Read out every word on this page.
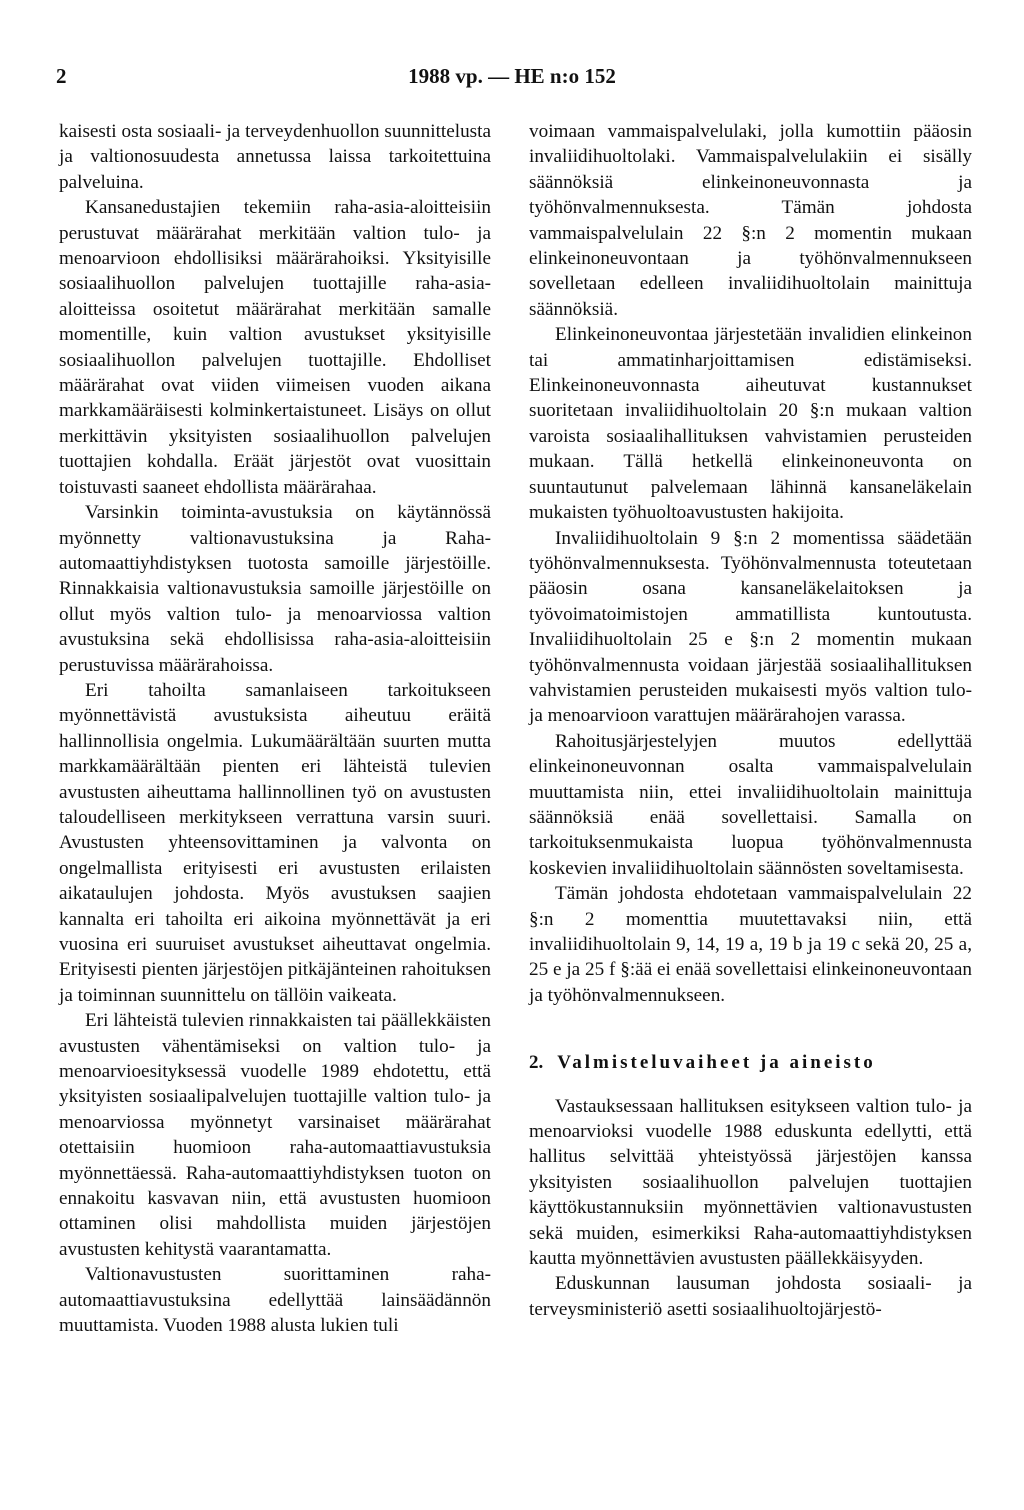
2	1988 vp. — HE n:o 152

kaisesti osta sosiaali- ja terveydenhuollon suunnittelusta ja valtionosuudesta annetussa laissa tarkoitettuina palveluina.

Kansanedustajien tekemiin raha-asia-aloitteisiin perustuvat määrärahat merkitään valtion tulo- ja menoarvioon ehdollisiksi määrärahoiksi. Yksityisille sosiaalihuollon palvelujen tuottajille raha-asia-aloitteissa osoitetut määrärahat merkitään samalle momentille, kuin valtion avustukset yksityisille sosiaalihuollon palvelujen tuottajille. Ehdolliset määrärahat ovat viiden viimeisen vuoden aikana markkamääräisesti kolminkertaistuneet. Lisäys on ollut merkittävin yksityisten sosiaalihuollon palvelujen tuottajien kohdalla. Eräät järjestöt ovat vuosittain toistuvasti saaneet ehdollista määrärahaa.

Varsinkin toiminta-avustuksia on käytännössä myönnetty valtionavustuksina ja Raha-automaattiyhdistyksen tuotosta samoille järjestöille. Rinnakkaisia valtionavustuksia samoille järjestöille on ollut myös valtion tulo- ja menoarviossa valtion avustuksina sekä ehdollisissa raha-asia-aloitteisiin perustuvissa määrärahoissa.

Eri tahoilta samanlaiseen tarkoitukseen myönnettävistä avustuksista aiheutuu eräitä hallinnollisia ongelmia. Lukumäärältään suurten mutta markkamäärältään pienten eri lähteistä tulevien avustusten aiheuttama hallinnollinen työ on avustusten taloudelliseen merkitykseen verrattuna varsin suuri. Avustusten yhteensovittaminen ja valvonta on ongelmallista erityisesti eri avustusten erilaisten aikataulujen johdosta. Myös avustuksen saajien kannalta eri tahoilta eri aikoina myönnettävät ja eri vuosina eri suuruiset avustukset aiheuttavat ongelmia. Erityisesti pienten järjestöjen pitkäjänteinen rahoituksen ja toiminnan suunnittelu on tällöin vaikeata.

Eri lähteistä tulevien rinnakkaisten tai päällekkäisten avustusten vähentämiseksi on valtion tulo- ja menoarvioesityksessä vuodelle 1989 ehdotettu, että yksityisten sosiaalipalvelujen tuottajille valtion tulo- ja menoarviossa myönnetyt varsinaiset määrärahat otettaisiin huomioon raha-automaattiavustuksia myönnettäessä. Raha-automaattiyhdistyksen tuoton on ennakoitu kasvavan niin, että avustusten huomioon ottaminen olisi mahdollista muiden järjestöjen avustusten kehitystä vaarantamatta.

Valtionavustusten suorittaminen raha-automaattiavustuksina edellyttää lainsäädännön muuttamista. Vuoden 1988 alusta lukien tuli

voimaan vammaispalvelulaki, jolla kumottiin pääosin invaliidihuoltolaki. Vammaispalvelulakiin ei sisälly säännöksiä elinkeinoneuvonnasta ja työhönvalmennuksesta. Tämän johdosta vammaispalvelulain 22 §:n 2 momentin mukaan elinkeinoneuvontaan ja työhönvalmennukseen sovelletaan edelleen invaliidihuoltolain mainittuja säännöksiä.

Elinkeinoneuvontaa järjestetään invalidien elinkeinon tai ammatinharjoittamisen edistämiseksi. Elinkeinoneuvonnasta aiheutuvat kustannukset suoritetaan invaliidihuoltolain 20 §:n mukaan valtion varoista sosiaalihallituksen vahvistamien perusteiden mukaan. Tällä hetkellä elinkeinoneuvonta on suuntautunut palvelemaan lähinnä kansaneläkelain mukaisten työhuoltoavustusten hakijoita.

Invaliidihuoltolain 9 §:n 2 momentissa säädetään työhönvalmennuksesta. Työhönvalmennusta toteutetaan pääosin osana kansaneläkelaitoksen ja työvoimatoimistojen ammatillista kuntoutusta. Invaliidihuoltolain 25 e §:n 2 momentin mukaan työhönvalmennusta voidaan järjestää sosiaalihallituksen vahvistamien perusteiden mukaisesti myös valtion tulo- ja menoarvioon varattujen määrärahojen varassa.

Rahoitusjärjestelyjen muutos edellyttää elinkeinoneuvonnan osalta vammaispalvelulain muuttamista niin, ettei invaliidihuoltolain mainittuja säännöksiä enää sovellettaisi. Samalla on tarkoituksenmukaista luopua työhönvalmennusta koskevien invaliidihuoltolain säännösten soveltamisesta.

Tämän johdosta ehdotetaan vammaispalvelulain 22 §:n 2 momenttia muutettavaksi niin, että invaliidihuoltolain 9, 14, 19 a, 19 b ja 19 c sekä 20, 25 a, 25 e ja 25 f §:ää ei enää sovellettaisi elinkeinoneuvontaan ja työhönvalmennukseen.

2. Valmisteluvaiheet ja aineisto

Vastauksessaan hallituksen esitykseen valtion tulo- ja menoarvioksi vuodelle 1988 eduskunta edellytti, että hallitus selvittää yhteistyössä järjestöjen kanssa yksityisten sosiaalihuollon palvelujen tuottajien käyttökustannuksiin myönnettävien valtionavustusten sekä muiden, esimerkiksi Raha-automaattiyhdistyksen kautta myönnettävien avustusten päällekkäisyyden.

Eduskunnan lausuman johdosta sosiaali- ja terveysministeriö asetti sosiaalihuoltojärjestö-
